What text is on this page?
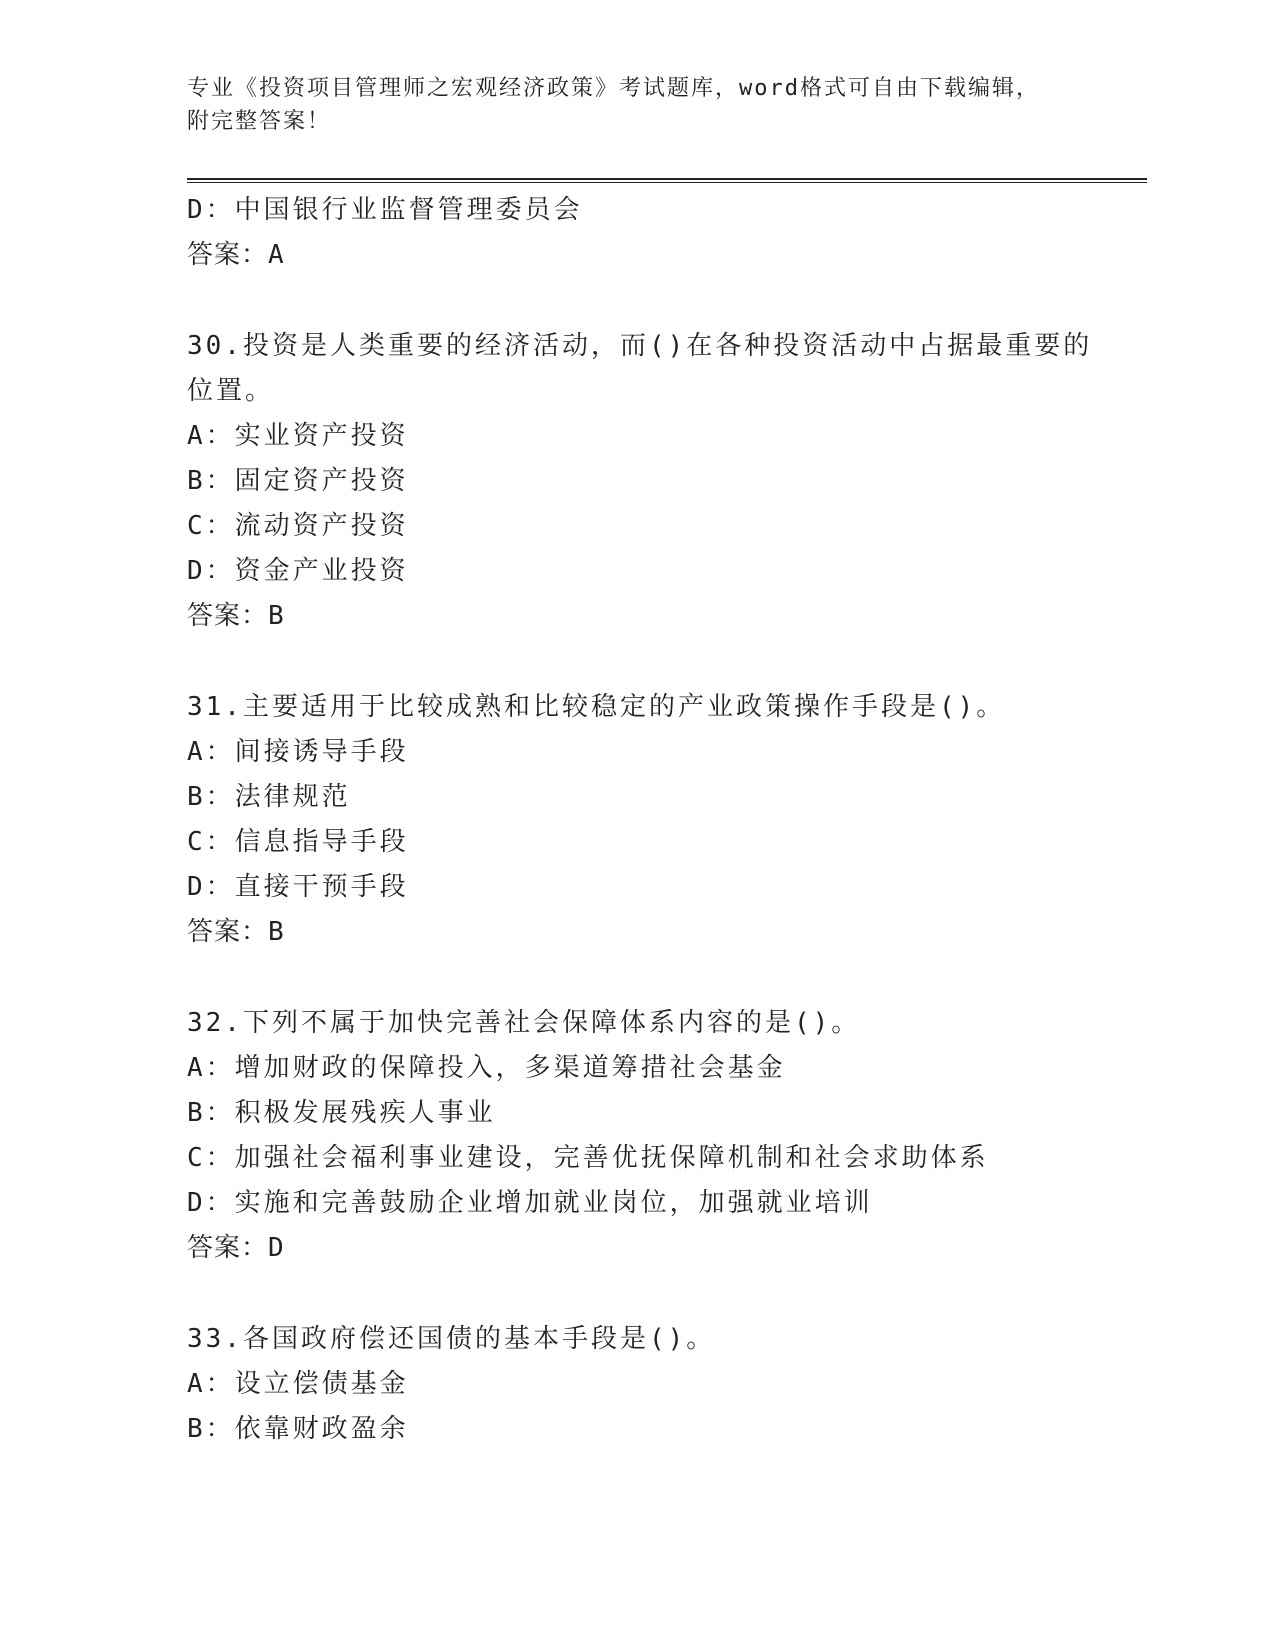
专业《投资项目管理师之宏观经济政策》考试题库，word格式可自由下载编辑，
附完整答案！
D：中国银行业监督管理委员会
答案：A
30.投资是人类重要的经济活动，而()在各种投资活动中占据最重要的
位置。
A：实业资产投资
B：固定资产投资
C：流动资产投资
D：资金产业投资
答案：B
31.主要适用于比较成熟和比较稳定的产业政策操作手段是()。
A：间接诱导手段
B：法律规范
C：信息指导手段
D：直接干预手段
答案：B
32.下列不属于加快完善社会保障体系内容的是()。
A：增加财政的保障投入，多渠道筹措社会基金
B：积极发展残疾人事业
C：加强社会福利事业建设，完善优抚保障机制和社会求助体系
D：实施和完善鼓励企业增加就业岗位，加强就业培训
答案：D
33.各国政府偿还国债的基本手段是()。
A：设立偿债基金
B：依靠财政盈余
